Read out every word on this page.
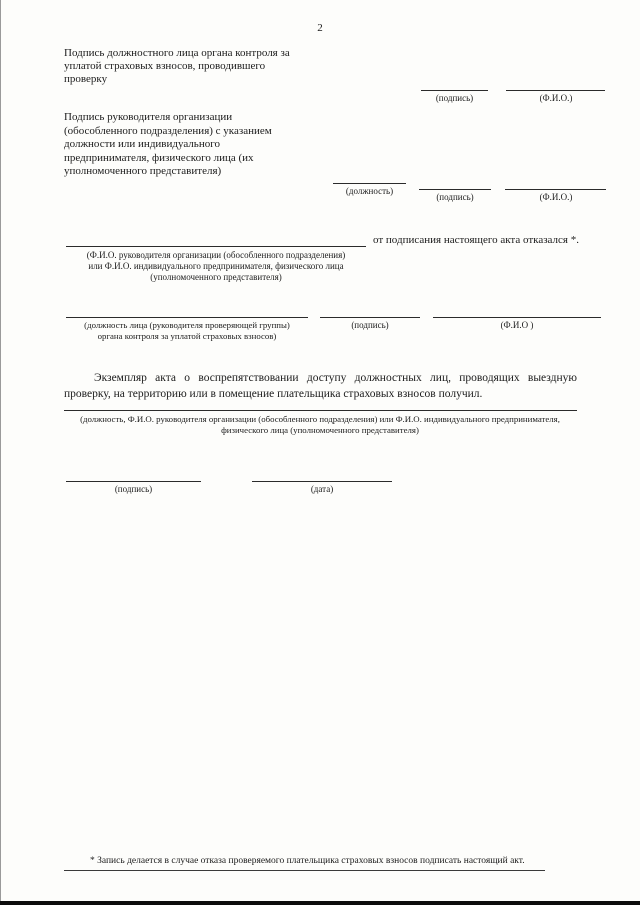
2
Подпись должностного лица органа контроля за
уплатой страховых взносов, проводившего
проверку
(подпись)	(Ф.И.О.)
Подпись руководителя организации
(обособленного подразделения) с указанием
должности или индивидуального
предпринимателя, физического лица (их
уполномоченного представителя)
(должность)
(подпись)	(Ф.И.О.)
от подписания настоящего акта отказался *.
(Ф.И.О. руководителя организации (обособленного подразделения)
или Ф.И.О. индивидуального предпринимателя, физического лица
(уполномоченного представителя)
(должность лица (руководителя проверяющей группы)
органа контроля за уплатой страховых взносов)
(подпись)	(Ф.И.О )
Экземпляр акта о воспрепятствовании доступу должностных лиц, проводящих выездную проверку, на территорию или в помещение плательщика страховых взносов получил.
(должность, Ф.И.О. руководителя организации (обособленного подразделения) или Ф.И.О. индивидуального предпринимателя,
физического лица (уполномоченного представителя)
(подпись)	(дата)
* Запись делается в случае отказа проверяемого плательщика страховых взносов подписать настоящий акт.
